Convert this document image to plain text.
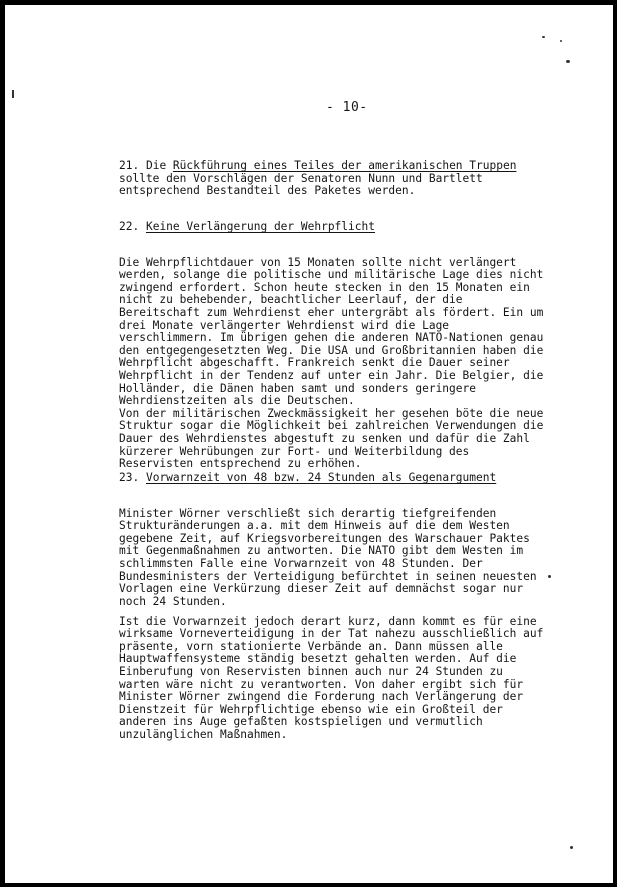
- 10-
21. Die Rückführung eines Teiles der amerikanischen Truppen
sollte den Vorschlägen der Senatoren Nunn und Bartlett
entsprechend Bestandteil des Paketes werden.
22. Keine Verlängerung der Wehrpflicht

Die Wehrpflichtdauer von 15 Monaten sollte nicht verlängert
werden, solange die politische und militärische Lage dies nicht
zwingend erfordert. Schon heute stecken in den 15 Monaten ein
nicht zu behebender, beachtlicher Leerlauf, der die
Bereitschaft zum Wehrdienst eher untergräbt als fördert. Ein um
drei Monate verlängerter Wehrdienst wird die Lage
verschlimmern. Im übrigen gehen die anderen NATO-Nationen genau
den entgegengesetzten Weg. Die USA und Großbritannien haben die
Wehrpflicht abgeschafft. Frankreich senkt die Dauer seiner
Wehrpflicht in der Tendenz auf unter ein Jahr. Die Belgier, die
Holländer, die Dänen haben samt und sonders geringere
Wehrdienstzeiten als die Deutschen.
Von der militärischen Zweckmässigkeit her gesehen böte die neue
Struktur sogar die Möglichkeit bei zahlreichen Verwendungen die
Dauer des Wehrdienstes abgestuft zu senken und dafür die Zahl
kürzerer Wehrübungen zur Fort- und Weiterbildung des
Reservisten entsprechend zu erhöhen.

23. Vorwarnzeit von 48 bzw. 24 Stunden als Gegenargument

Minister Wörner verschließt sich derartig tiefgreifenden
Strukturänderungen a.a. mit dem Hinweis auf die dem Westen
gegebene Zeit, auf Kriegsvorbereitungen des Warschauer Paktes
mit Gegenmaßnahmen zu antworten. Die NATO gibt dem Westen im
schlimmsten Falle eine Vorwarnzeit von 48 Stunden. Der
Bundesministers der Verteidigung befürchtet in seinen neuesten
Vorlagen eine Verkürzung dieser Zeit auf demnächst sogar nur
noch 24 Stunden.

Ist die Vorwarnzeit jedoch derart kurz, dann kommt es für eine
wirksame Vorneverteidigung in der Tat nahezu ausschließlich auf
präsente, vorn stationierte Verbände an. Dann müssen alle
Hauptwaffensysteme ständig besetzt gehalten werden. Auf die
Einberufung von Reservisten binnen auch nur 24 Stunden zu
warten wäre nicht zu verantworten. Von daher ergibt sich für
Minister Wörner zwingend die Forderung nach Verlängerung der
Dienstzeit für Wehrpflichtige ebenso wie ein Großteil der
anderen ins Auge gefaßten kostspieligen und vermutlich
unzulänglichen Maßnahmen.
